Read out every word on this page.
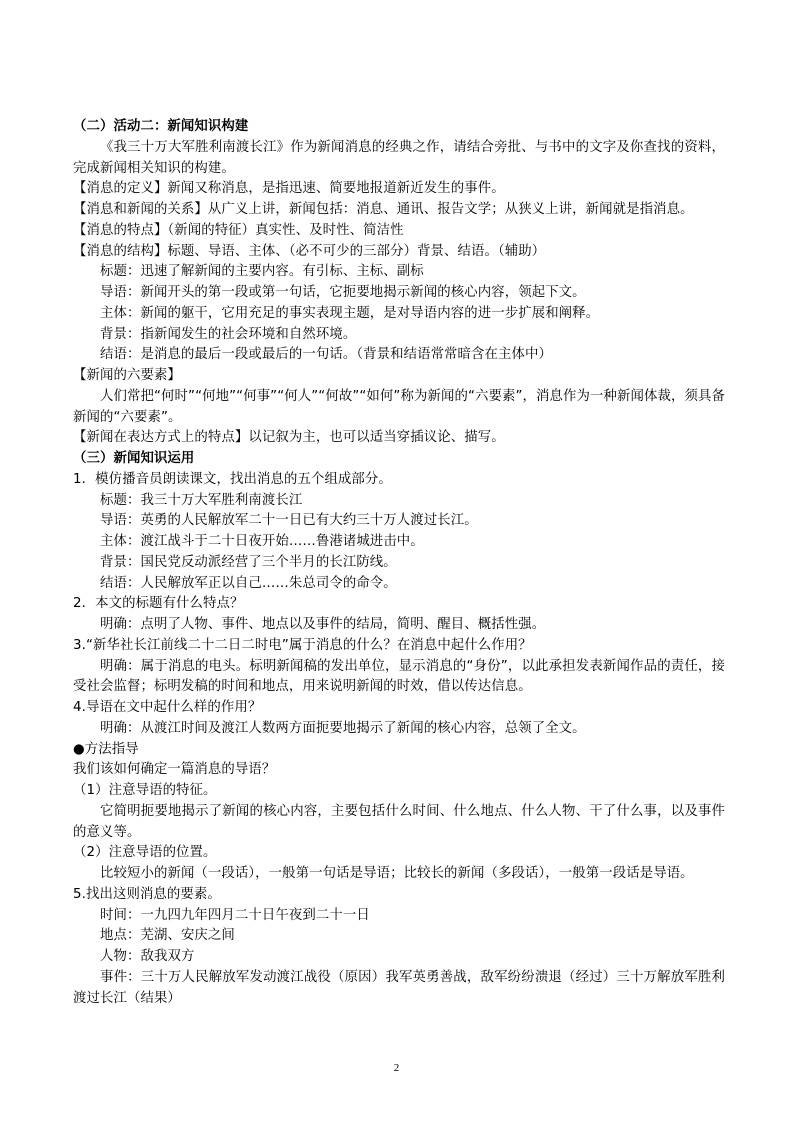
（二）活动二：新闻知识构建

《我三十万大军胜利南渡长江》作为新闻消息的经典之作，请结合旁批、与书中的文字及你查找的资料，完成新闻相关知识的构建。

【消息的定义】新闻又称消息，是指迅速、简要地报道新近发生的事件。

【消息和新闻的关系】从广义上讲，新闻包括：消息、通讯、报告文学；从狭义上讲，新闻就是指消息。

【消息的特点】（新闻的特征）真实性、及时性、简洁性

【消息的结构】标题、导语、主体、（必不可少的三部分）背景、结语。（辅助）

标题：迅速了解新闻的主要内容。有引标、主标、副标

导语：新闻开头的第一段或第一句话，它扼要地揭示新闻的核心内容，领起下文。

主体：新闻的躯干，它用充足的事实表现主题，是对导语内容的进一步扩展和阐释。

背景：指新闻发生的社会环境和自然环境。

结语：是消息的最后一段或最后的一句话。（背景和结语常常暗含在主体中）

【新闻的六要素】

人们常把“何时”“何地”“何事”“何人”“何故”“如何”称为新闻的“六要素”，消息作为一种新闻体裁，须具备新闻的“六要素”。

【新闻在表达方式上的特点】以记叙为主，也可以适当穿插议论、描写。

（三）新闻知识运用

1．模仿播音员朗读课文，找出消息的五个组成部分。

标题：我三十万大军胜利南渡长江

导语：英勇的人民解放军二十一日已有大约三十万人渡过长江。

主体：渡江战斗于二十日夜开始……鲁港诸城进击中。

背景：国民党反动派经营了三个半月的长江防线。

结语：人民解放军正以自己……朱总司令的命令。

2．本文的标题有什么特点？

明确：点明了人物、事件、地点以及事件的结局，简明、醒目、概括性强。

3.“新华社长江前线二十二日二时电”属于消息的什么？在消息中起什么作用？

明确：属于消息的电头。标明新闻稿的发出单位，显示消息的“身份”，以此承担发表新闻作品的责任，接受社会监督；标明发稿的时间和地点，用来说明新闻的时效，借以传达信息。

4.导语在文中起什么样的作用？

明确：从渡江时间及渡江人数两方面扼要地揭示了新闻的核心内容，总领了全文。

●方法指导

我们该如何确定一篇消息的导语？

（1）注意导语的特征。

它简明扼要地揭示了新闻的核心内容，主要包括什么时间、什么地点、什么人物、干了什么事，以及事件的意义等。

（2）注意导语的位置。

比较短小的新闻（一段话），一般第一句话是导语；比较长的新闻（多段话），一般第一段话是导语。

5.找出这则消息的要素。

时间：一九四九年四月二十日午夜到二十一日

地点：芜湖、安庆之间

人物：敌我双方

事件：三十万人民解放军发动渡江战役（原因）我军英勇善战，敌军纷纷溃退（经过）三十万解放军胜利渡过长江（结果）

2
